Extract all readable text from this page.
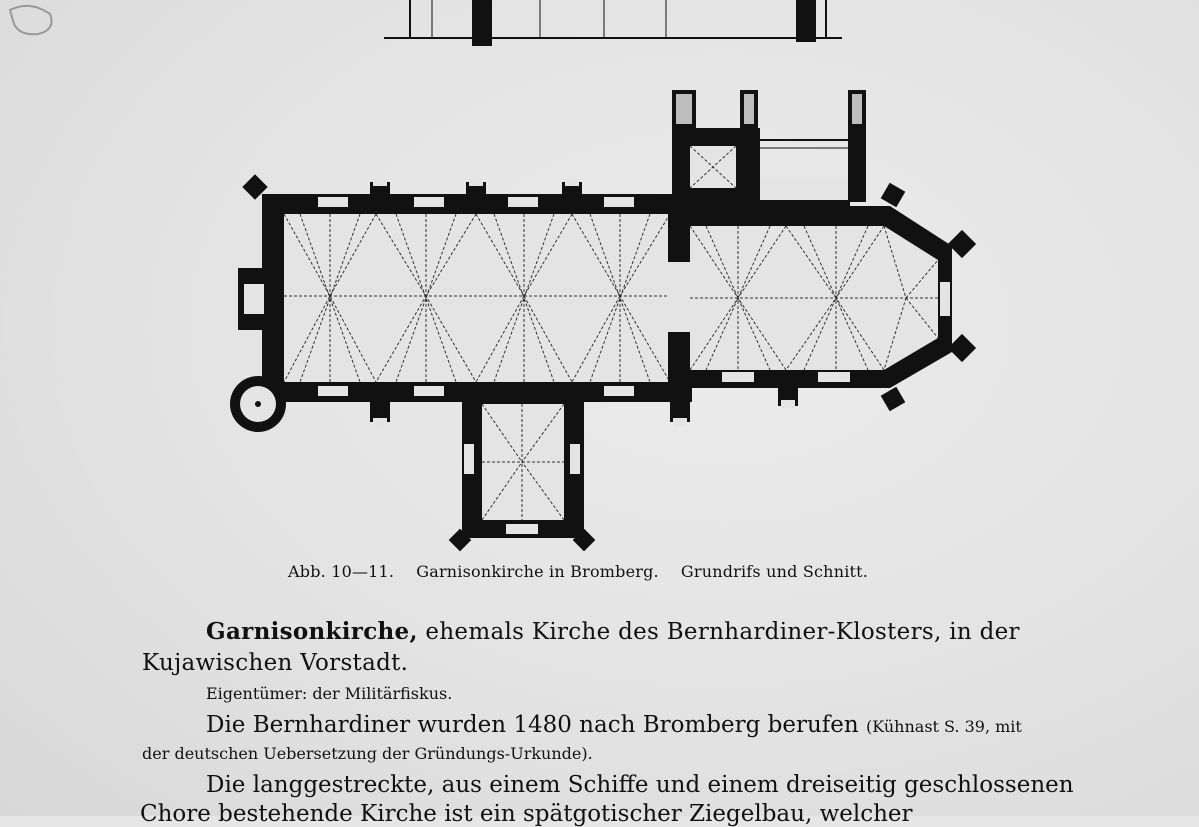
Abb. 10—11. Garnisonkirche in Bromberg. Grundrifs und Schnitt.
Garnisonkirche, ehemals Kirche des Bernhardiner-Klosters, in der
Kujawischen Vorstadt.
Eigentümer: der Militärfiskus.
Die Bernhardiner wurden 1480 nach Bromberg berufen (Kühnast S. 39, mit
der deutschen Uebersetzung der Gründungs-Urkunde).
Die langgestreckte, aus einem Schiffe und einem dreiseitig geschlossenen
Chore bestehende Kirche ist ein spätgotischer Ziegelbau, welcher
